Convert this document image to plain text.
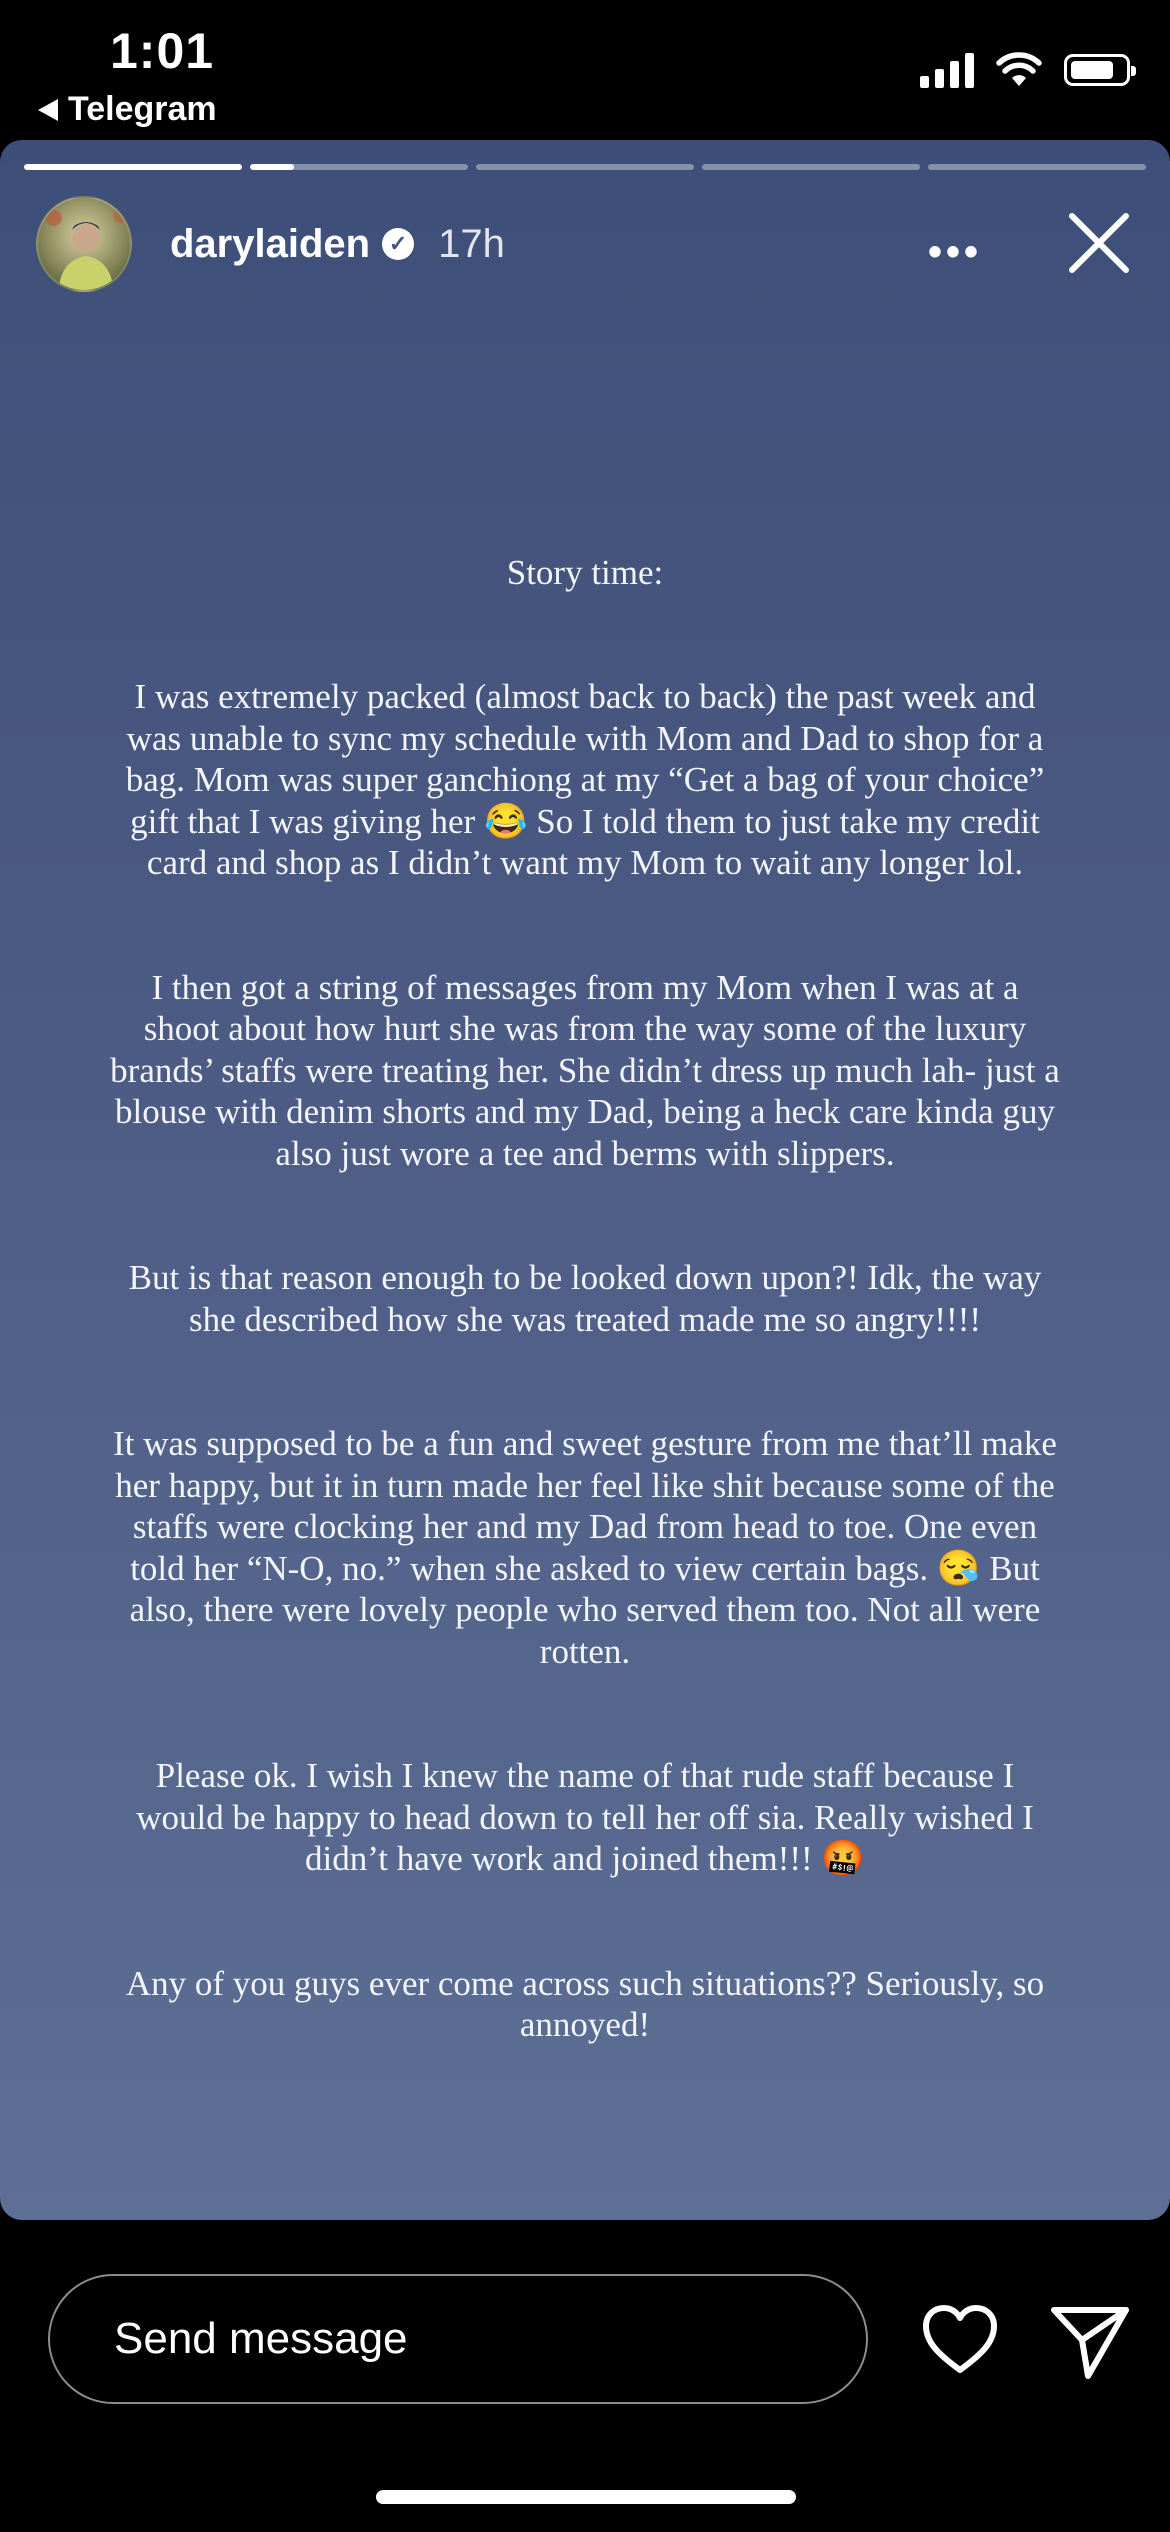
1:01
Telegram
darylaiden ✓ 17h	•••

Story time:

I was extremely packed (almost back to back) the past week and was unable to sync my schedule with Mom and Dad to shop for a bag. Mom was super ganchiong at my “Get a bag of your choice” gift that I was giving her 😂 So I told them to just take my credit card and shop as I didn’t want my Mom to wait any longer lol.

I then got a string of messages from my Mom when I was at a shoot about how hurt she was from the way some of the luxury brands’ staffs were treating her. She didn’t dress up much lah- just a blouse with denim shorts and my Dad, being a heck care kinda guy also just wore a tee and berms with slippers.

But is that reason enough to be looked down upon?! Idk, the way she described how she was treated made me so angry!!!!

It was supposed to be a fun and sweet gesture from me that’ll make her happy, but it in turn made her feel like shit because some of the staffs were clocking her and my Dad from head to toe. One even told her “N-O, no.” when she asked to view certain bags. 😪 But also, there were lovely people who served them too. Not all were rotten.

Please ok. I wish I knew the name of that rude staff because I would be happy to head down to tell her off sia. Really wished I didn’t have work and joined them!!! 🤬

Any of you guys ever come across such situations?? Seriously, so annoyed!

Send message
